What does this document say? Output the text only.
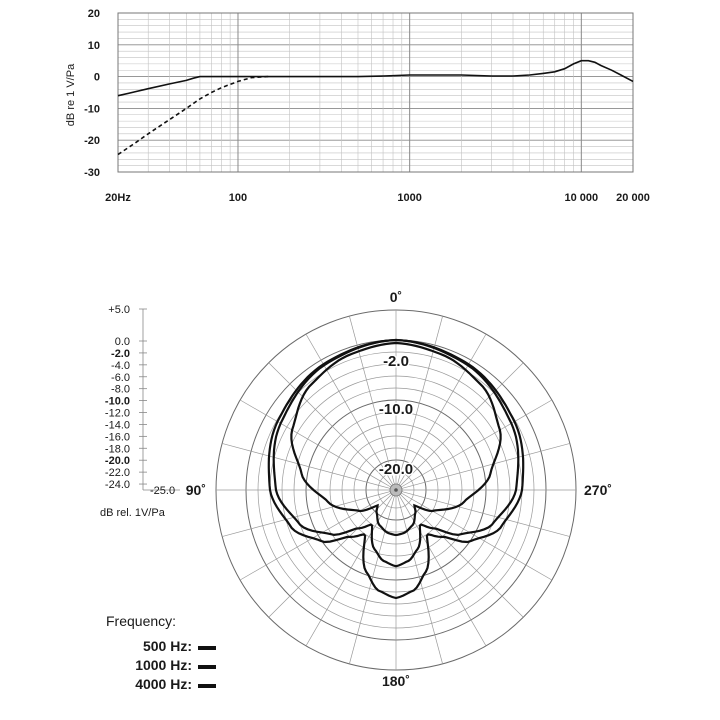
20
10
0
-10
-20
-30
20Hz	100	1000	10 000 20 000
dB re 1 V/Pa
-2.0
-10.0
-20.0
0˚
90˚
180˚
270˚
+5.0
0.0
-2.0
-4.0
-6.0
-8.0
-10.0
-12.0
-14.0
-16.0
-18.0
-20.0
-22.0
-24.0 -25.0
dB rel. 1V/Pa
Frequency:
500 Hz:
1000 Hz:
4000 Hz:
